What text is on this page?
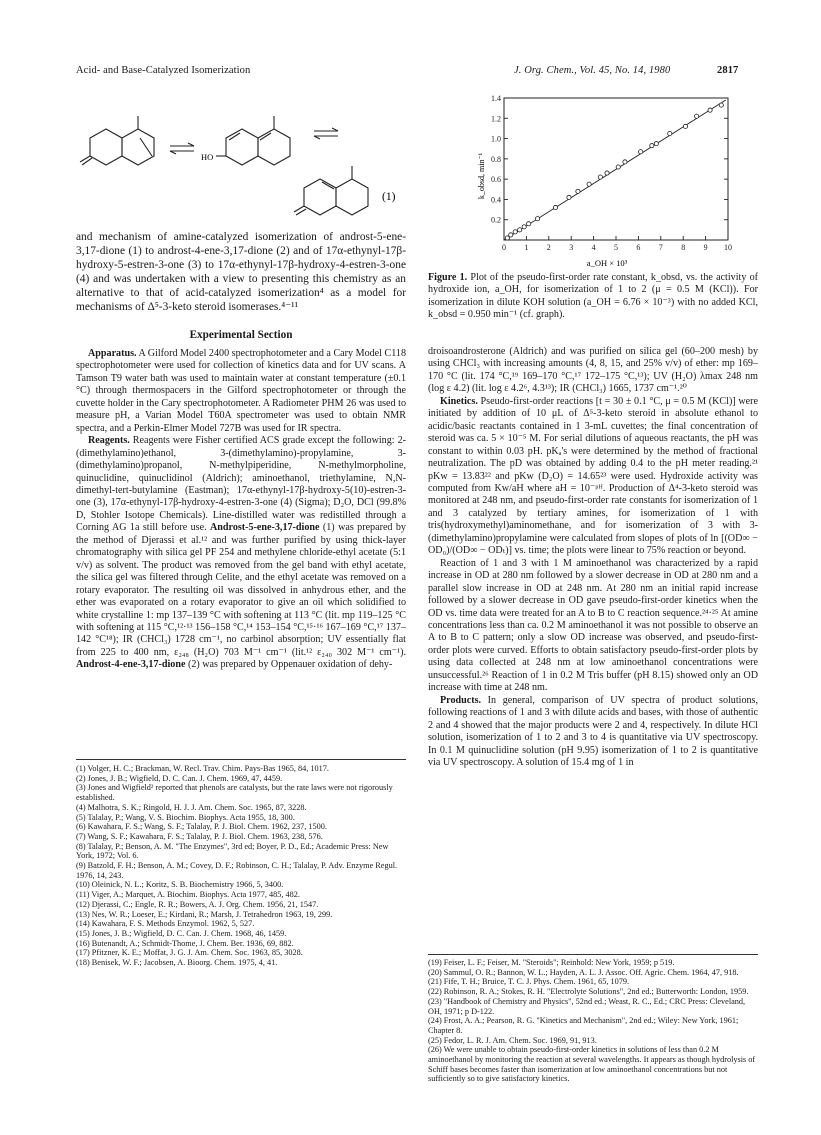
Acid- and Base-Catalyzed Isomerization	J. Org. Chem., Vol. 45, No. 14, 1980	2817
HO
(1)

and mechanism of amine-catalyzed isomerization of androst-5-ene-3,17-dione (1) to androst-4-ene-3,17-dione (2) and of 17α-ethynyl-17β-hydroxy-5-estren-3-one (3) to 17α-ethynyl-17β-hydroxy-4-estren-3-one (4) and was undertaken with a view to presenting this chemistry as an alternative to that of acid-catalyzed isomerization⁴ as a model for mechanisms of Δ⁵-3-keto steroid isomerases.⁴⁻¹¹

Experimental Section

Apparatus. A Gilford Model 2400 spectrophotometer and a Cary Model C118 spectrophotometer were used for collection of kinetics data and for UV scans. A Tamson T9 water bath was used to maintain water at constant temperature (±0.1 °C) through thermospacers in the Gilford spectrophotometer or through the cuvette holder in the Cary spectrophotometer. A Radiometer PHM 26 was used to measure pH, a Varian Model T60A spectrometer was used to obtain NMR spectra, and a Perkin-Elmer Model 727B was used for IR spectra.

Reagents. Reagents were Fisher certified ACS grade except the following: 2-(dimethylamino)ethanol, 3-(dimethylamino)-propylamine, 3-(dimethylamino)propanol, N-methylpiperidine, N-methylmorpholine, quinuclidine, quinuclidinol (Aldrich); aminoethanol, triethylamine, N,N-dimethyl-tert-butylamine (Eastman); 17α-ethynyl-17β-hydroxy-5(10)-estren-3-one (3), 17α-ethynyl-17β-hydroxy-4-estren-3-one (4) (Sigma); D₂O, DCl (99.8% D, Stohler Isotope Chemicals). Line-distilled water was redistilled through a Corning AG 1a still before use. Androst-5-ene-3,17-dione (1) was prepared by the method of Djerassi et al.¹² and was further purified by using thick-layer chromatography with silica gel PF 254 and methylene chloride-ethyl acetate (5:1 v/v) as solvent. The product was removed from the gel band with ethyl acetate, the silica gel was filtered through Celite, and the ethyl acetate was removed on a rotary evaporator. The resulting oil was dissolved in anhydrous ether, and the ether was evaporated on a rotary evaporator to give an oil which solidified to white crystalline 1: mp 137–139 °C with softening at 113 °C (lit. mp 119–125 °C with softening at 115 °C,¹²·¹³ 156–158 °C,¹⁴ 153–154 °C,¹⁵·¹⁶ 167–169 °C,¹⁷ 137–142 °C¹⁸); IR (CHCl₃) 1728 cm⁻¹, no carbinol absorption; UV essentially flat from 225 to 400 nm, ε₂₄₈ (H₂O) 703 M⁻¹ cm⁻¹ (lit.¹² ε₂₄₀ 302 M⁻¹ cm⁻¹). Androst-4-ene-3,17-dione (2) was prepared by Oppenauer oxidation of dehy-

(1) Volger, H. C.; Brackman, W. Recl. Trav. Chim. Pays-Bas 1965, 84, 1017.
(2) Jones, J. B.; Wigfield, D. C. Can. J. Chem. 1969, 47, 4459.
(3) Jones and Wigfield² reported that phenols are catalysts, but the rate laws were not rigorously established.
(4) Malhotra, S. K.; Ringold, H. J. J. Am. Chem. Soc. 1965, 87, 3228.
(5) Talalay, P.; Wang, V. S. Biochim. Biophys. Acta 1955, 18, 300.
(6) Kawahara, F. S.; Wang, S. F.; Talalay, P. J. Biol. Chem. 1962, 237, 1500.
(7) Wang, S. F.; Kawahara, F. S.; Talalay, P. J. Biol. Chem. 1963, 238, 576.
(8) Talalay, P.; Benson, A. M. "The Enzymes", 3rd ed; Boyer, P. D., Ed.; Academic Press: New York, 1972; Vol. 6.
(9) Batzold, F. H.; Benson, A. M.; Covey, D. F.; Robinson, C. H.; Talalay, P. Adv. Enzyme Regul. 1976, 14, 243.
(10) Oleinick, N. L.; Koritz, S. B. Biochemistry 1966, 5, 3400.
(11) Viger, A.; Marquet, A. Biochim. Biophys. Acta 1977, 485, 482.
(12) Djerassi, C.; Engle, R. R.; Bowers, A. J. Org. Chem. 1956, 21, 1547.
(13) Nes, W. R.; Loeser, E.; Kirdani, R.; Marsh, J. Tetrahedron 1963, 19, 299.
(14) Kawahara, F. S. Methods Enzymol. 1962, 5, 527.
(15) Jones, J. B.; Wigfield, D. C. Can. J. Chem. 1968, 46, 1459.
(16) Butenandt, A.; Schmidt-Thome, J. Chem. Ber. 1936, 69, 882.
(17) Pfitzner, K. E.; Moffat, J. G. J. Am. Chem. Soc. 1963, 85, 3028.
(18) Benisek, W. F.; Jacobsen, A. Bioorg. Chem. 1975, 4, 41.
0 1 2 3 4 5 6 7 8 9 10
0.2
0.4
0.6
0.8
1.0
1.2
1.4
k_obsd, min⁻¹
a_OH × 10³
Figure 1. Plot of the pseudo-first-order rate constant, k_obsd, vs. the activity of hydroxide ion, a_OH, for isomerization of 1 to 2 (μ = 0.5 M (KCl)). For isomerization in dilute KOH solution (a_OH = 6.76 × 10⁻³) with no added KCl, k_obsd = 0.950 min⁻¹ (cf. graph).

droisoandrosterone (Aldrich) and was purified on silica gel (60–200 mesh) by using CHCl₃ with increasing amounts (4, 8, 15, and 25% v/v) of ether: mp 169–170 °C (lit. 174 °C,¹⁹ 169–170 °C,¹⁷ 172–175 °C,¹³); UV (H₂O) λmax 248 nm (log ε 4.2) (lit. log ε 4.2⁶, 4.3¹³); IR (CHCl₃) 1665, 1737 cm⁻¹.²⁰

Kinetics. Pseudo-first-order reactions [t = 30 ± 0.1 °C, μ = 0.5 M (KCl)] were initiated by addition of 10 μL of Δ⁵-3-keto steroid in absolute ethanol to acidic/basic reactants contained in 1 3-mL cuvettes; the final concentration of steroid was ca. 5 × 10⁻⁵ M. For serial dilutions of aqueous reactants, the pH was constant to within 0.03 pH. pKₐ's were determined by the method of fractional neutralization. The pD was obtained by adding 0.4 to the pH meter reading.²¹ pKw = 13.83²² and pKw (D₂O) = 14.65²³ were used. Hydroxide activity was computed from Kw/aH where aH = 10⁻ᵖᴴ. Production of Δ⁴-3-keto steroid was monitored at 248 nm, and pseudo-first-order rate constants for isomerization of 1 and 3 catalyzed by tertiary amines, for isomerization of 1 with tris(hydroxymethyl)aminomethane, and for isomerization of 3 with 3-(dimethylamino)propylamine were calculated from slopes of plots of ln [(OD∞ − OD₀)/(OD∞ − ODₜ)] vs. time; the plots were linear to 75% reaction or beyond.

Reaction of 1 and 3 with 1 M aminoethanol was characterized by a rapid increase in OD at 280 nm followed by a slower decrease in OD at 280 nm and a parallel slow increase in OD at 248 nm. At 280 nm an initial rapid increase followed by a slower decrease in OD gave pseudo-first-order kinetics when the OD vs. time data were treated for an A to B to C reaction sequence.²⁴·²⁵ At amine concentrations less than ca. 0.2 M aminoethanol it was not possible to observe an A to B to C pattern; only a slow OD increase was observed, and pseudo-first-order plots were curved. Efforts to obtain satisfactory pseudo-first-order plots by using data collected at 248 nm at low aminoethanol concentrations were unsuccessful.²⁶ Reaction of 1 in 0.2 M Tris buffer (pH 8.15) showed only an OD increase with time at 248 nm.

Products. In general, comparison of UV spectra of product solutions, following reactions of 1 and 3 with dilute acids and bases, with those of authentic 2 and 4 showed that the major products were 2 and 4, respectively. In dilute HCl solution, isomerization of 1 to 2 and 3 to 4 is quantitative via UV spectroscopy. In 0.1 M quinuclidine solution (pH 9.95) isomerization of 1 to 2 is quantitative via UV spectroscopy. A solution of 15.4 mg of 1 in

(19) Feiser, L. F.; Feiser, M. "Steroids"; Reinhold: New York, 1959; p 519.
(20) Sammul, O. R.; Bannon, W. L.; Hayden, A. L. J. Assoc. Off. Agric. Chem. 1964, 47, 918.
(21) Fife, T. H.; Bruice, T. C. J. Phys. Chem. 1961, 65, 1079.
(22) Robinson, R. A.; Stokes, R. H. "Electrolyte Solutions", 2nd ed.; Butterworth: London, 1959.
(23) "Handbook of Chemistry and Physics", 52nd ed.; Weast, R. C., Ed.; CRC Press: Cleveland, OH, 1971; p D-122.
(24) Frost, A. A.; Pearson, R. G. "Kinetics and Mechanism", 2nd ed.; Wiley: New York, 1961; Chapter 8.
(25) Fedor, L. R. J. Am. Chem. Soc. 1969, 91, 913.
(26) We were unable to obtain pseudo-first-order kinetics in solutions of less than 0.2 M aminoethanol by monitoring the reaction at several wavelengths. It appears as though hydrolysis of Schiff bases becomes faster than isomerization at low aminoethanol concentrations but not sufficiently so to give satisfactory kinetics.
